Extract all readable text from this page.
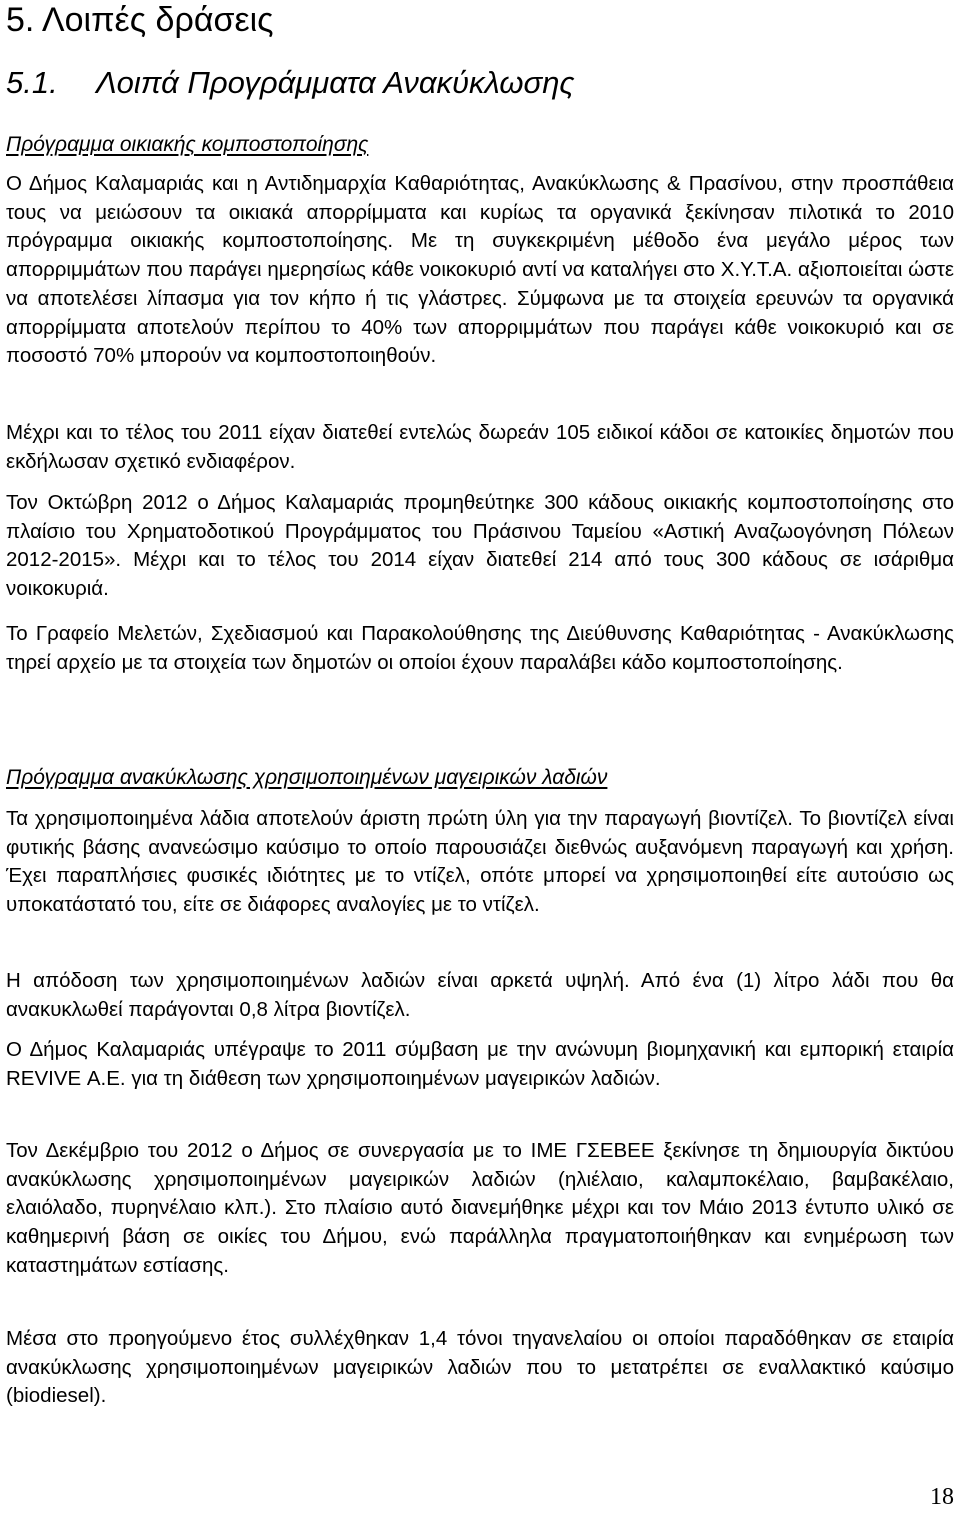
5. Λοιπές δράσεις
5.1. Λοιπά Προγράμματα Ανακύκλωσης
Πρόγραμμα οικιακής κομποστοποίησης

Ο Δήμος Καλαμαριάς και η Αντιδημαρχία Καθαριότητας, Ανακύκλωσης & Πρασίνου, στην προσπάθεια τους να μειώσουν τα οικιακά απορρίμματα και κυρίως τα οργανικά ξεκίνησαν πιλοτικά το 2010 πρόγραμμα οικιακής κομποστοποίησης. Με τη συγκεκριμένη μέθοδο ένα μεγάλο μέρος των απορριμμάτων που παράγει ημερησίως κάθε νοικοκυριό αντί να καταλήγει στο Χ.Υ.Τ.Α. αξιοποιείται ώστε να αποτελέσει λίπασμα για τον κήπο ή τις γλάστρες. Σύμφωνα με τα στοιχεία ερευνών τα οργανικά απορρίμματα αποτελούν περίπου το 40% των απορριμμάτων που παράγει κάθε νοικοκυριό και σε ποσοστό 70% μπορούν να κομποστοποιηθούν.

Μέχρι και το τέλος του 2011 είχαν διατεθεί εντελώς δωρεάν 105 ειδικοί κάδοι σε κατοικίες δημοτών που εκδήλωσαν σχετικό ενδιαφέρον.

Τον Οκτώβρη 2012 ο Δήμος Καλαμαριάς προμηθεύτηκε 300 κάδους οικιακής κομποστοποίησης στο πλαίσιο του Χρηματοδοτικού Προγράμματος του Πράσινου Ταμείου «Αστική Αναζωογόνηση Πόλεων 2012-2015». Μέχρι και το τέλος του 2014 είχαν διατεθεί 214 από τους 300 κάδους σε ισάριθμα νοικοκυριά.

Το Γραφείο Μελετών, Σχεδιασμού και Παρακολούθησης της Διεύθυνσης Καθαριότητας - Ανακύκλωσης τηρεί αρχείο με τα στοιχεία των δημοτών οι οποίοι έχουν παραλάβει κάδο κομποστοποίησης.

Πρόγραμμα ανακύκλωσης χρησιμοποιημένων μαγειρικών λαδιών

Τα χρησιμοποιημένα λάδια αποτελούν άριστη πρώτη ύλη για την παραγωγή βιοντίζελ. Το βιοντίζελ είναι φυτικής βάσης ανανεώσιμο καύσιμο το οποίο παρουσιάζει διεθνώς αυξανόμενη παραγωγή και χρήση. Έχει παραπλήσιες φυσικές ιδιότητες με το ντίζελ, οπότε μπορεί να χρησιμοποιηθεί είτε αυτούσιο ως υποκατάστατό του, είτε σε διάφορες αναλογίες με το ντίζελ.

Η απόδοση των χρησιμοποιημένων λαδιών είναι αρκετά υψηλή. Από ένα (1) λίτρο λάδι που θα ανακυκλωθεί παράγονται 0,8 λίτρα βιοντίζελ.

Ο Δήμος Καλαμαριάς υπέγραψε το 2011 σύμβαση με την ανώνυμη βιομηχανική και εμπορική εταιρία REVIVE Α.Ε. για τη διάθεση των χρησιμοποιημένων μαγειρικών λαδιών.

Τον Δεκέμβριο του 2012 ο Δήμος σε συνεργασία με το ΙΜΕ ΓΣΕΒΕΕ ξεκίνησε τη δημιουργία δικτύου ανακύκλωσης χρησιμοποιημένων μαγειρικών λαδιών (ηλιέλαιο, καλαμποκέλαιο, βαμβακέλαιο, ελαιόλαδο, πυρηνέλαιο κλπ.). Στο πλαίσιο αυτό διανεμήθηκε μέχρι και τον Μάιο 2013 έντυπο υλικό σε καθημερινή βάση σε οικίες του Δήμου, ενώ παράλληλα πραγματοποιήθηκαν και ενημέρωση των καταστημάτων εστίασης.

Μέσα στο προηγούμενο έτος συλλέχθηκαν 1,4 τόνοι τηγανελαίου οι οποίοι παραδόθηκαν σε εταιρία ανακύκλωσης χρησιμοποιημένων μαγειρικών λαδιών που το μετατρέπει σε εναλλακτικό καύσιμο (biodiesel).

18
